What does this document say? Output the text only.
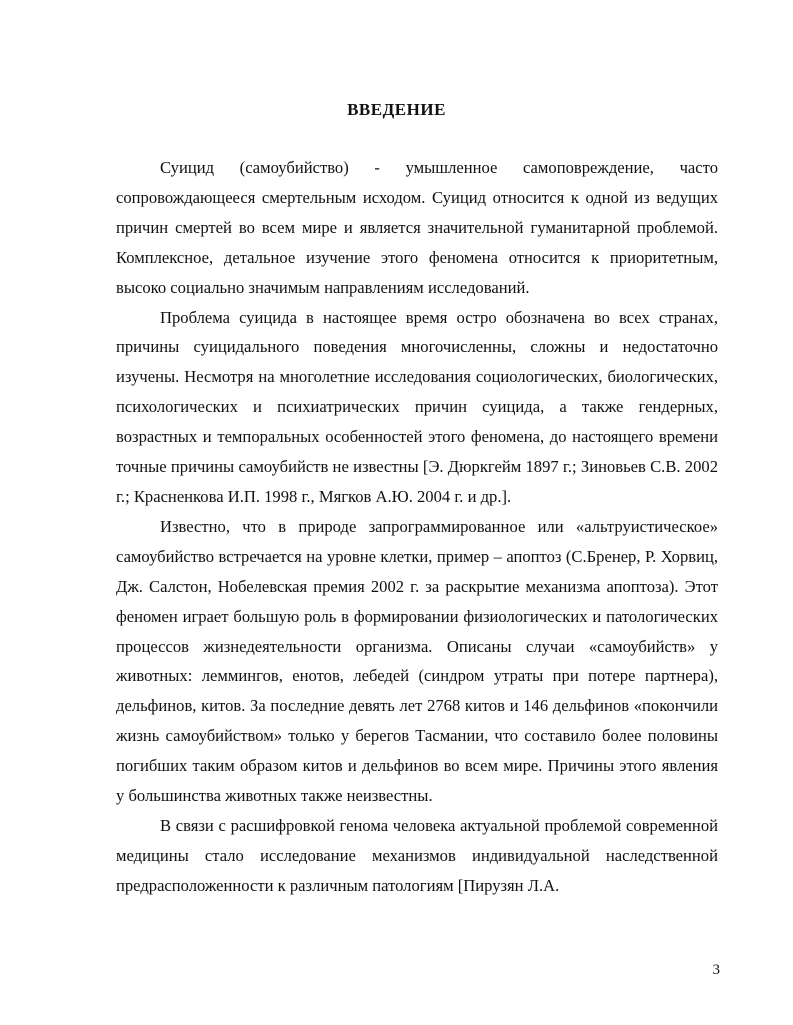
ВВЕДЕНИЕ

Суицид (самоубийство) - умышленное самоповреждение, часто сопровождающееся смертельным исходом. Суицид относится к одной из ведущих причин смертей во всем мире и является значительной гуманитарной проблемой. Комплексное, детальное изучение этого феномена относится к приоритетным, высоко социально значимым направлениям исследований.

Проблема суицида в настоящее время остро обозначена во всех странах, причины суицидального поведения многочисленны, сложны и недостаточно изучены. Несмотря на многолетние исследования социологических, биологических, психологических и психиатрических причин суицида, а также гендерных, возрастных и темпоральных особенностей этого феномена, до настоящего времени точные причины самоубийств не известны [Э. Дюркгейм 1897 г.; Зиновьев С.В. 2002 г.; Красненкова И.П. 1998 г., Мягков А.Ю. 2004 г. и др.].

Известно, что в природе запрограммированное или «альтруистическое» самоубийство встречается на уровне клетки, пример – апоптоз (С.Бренер, Р. Хорвиц, Дж. Салстон, Нобелевская премия 2002 г. за раскрытие механизма апоптоза). Этот феномен играет большую роль в формировании физиологических и патологических процессов жизнедеятельности организма. Описаны случаи «самоубийств» у животных: леммингов, енотов, лебедей (синдром утраты при потере партнера), дельфинов, китов. За последние девять лет 2768 китов и 146 дельфинов «покончили жизнь самоубийством» только у берегов Тасмании, что составило более половины погибших таким образом китов и дельфинов во всем мире. Причины этого явления у большинства животных также неизвестны.

В связи с расшифровкой генома человека актуальной проблемой современной медицины стало исследование механизмов индивидуальной наследственной предрасположенности к различным патологиям [Пирузян Л.А.

3
